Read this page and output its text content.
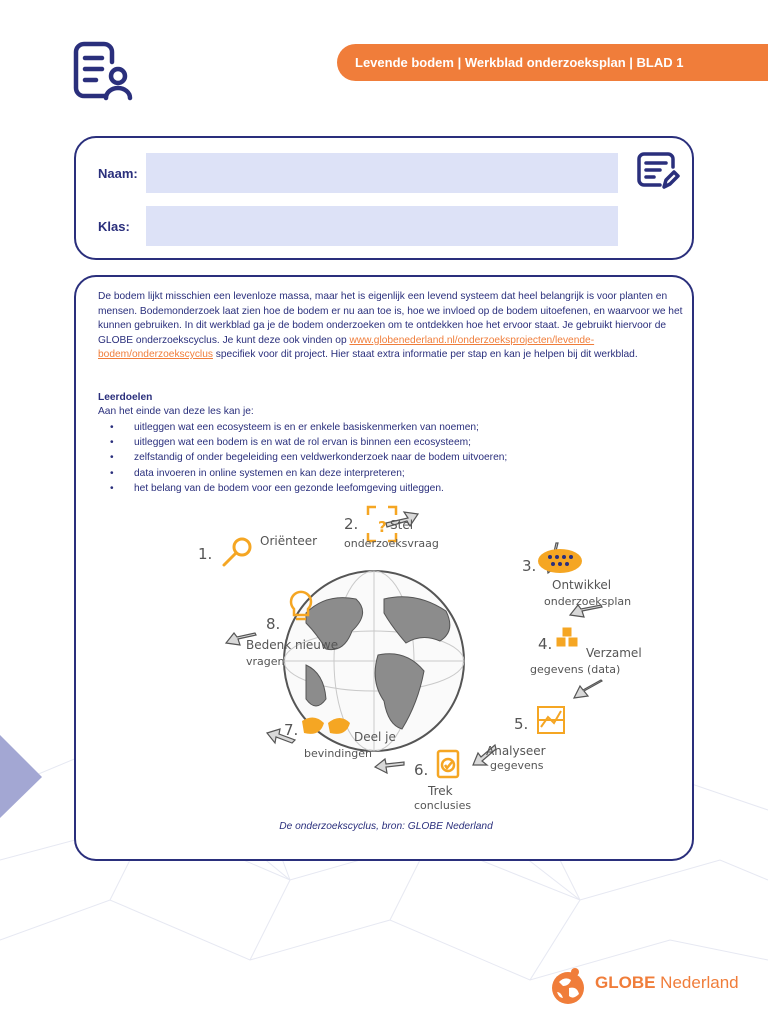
Levende bodem | Werkblad onderzoeksplan | BLAD 1
Naam:
Klas:

De bodem lijkt misschien een levenloze massa, maar het is eigenlijk een levend systeem dat heel belangrijk is voor planten en mensen. Bodemonderzoek laat zien hoe de bodem er nu aan toe is, hoe we invloed op de bodem uitoefenen, en waarvoor we het kunnen gebruiken. In dit werkblad ga je de bodem onderzoeken om te ontdekken hoe het ervoor staat. Je gebruikt hiervoor de GLOBE onderzoekscyclus. Je kunt deze ook vinden op www.globenederland.nl/onderzoeksprojecten/levende-bodem/onderzoekscyclus specifiek voor dit project. Hier staat extra informatie per stap en kan je helpen bij dit werkblad.

Leerdoelen

Aan het einde van deze les kan je:

• uitleggen wat een ecosysteem is en er enkele basiskenmerken van noemen;
• uitleggen wat een bodem is en wat de rol ervan is binnen een ecosysteem;
• zelfstandig of onder begeleiding een veldwerkonderzoek naar de bodem uitvoeren;
• data invoeren in online systemen en kan deze interpreteren;
• het belang van de bodem voor een gezonde leefomgeving uitleggen.
?
1.
Oriënteer
2.	Stel
onderzoeksvraag
3.
Ontwikkel
onderzoeksplan
4.	Verzamel
gegevens (data)
5.
Analyseer
gegevens
6.
Trek
conclusies
7.	Deel je
bevindingen
8.
Bedenk nieuwe
vragen

De onderzoekscyclus, bron: GLOBE Nederland

GLOBE Nederland
